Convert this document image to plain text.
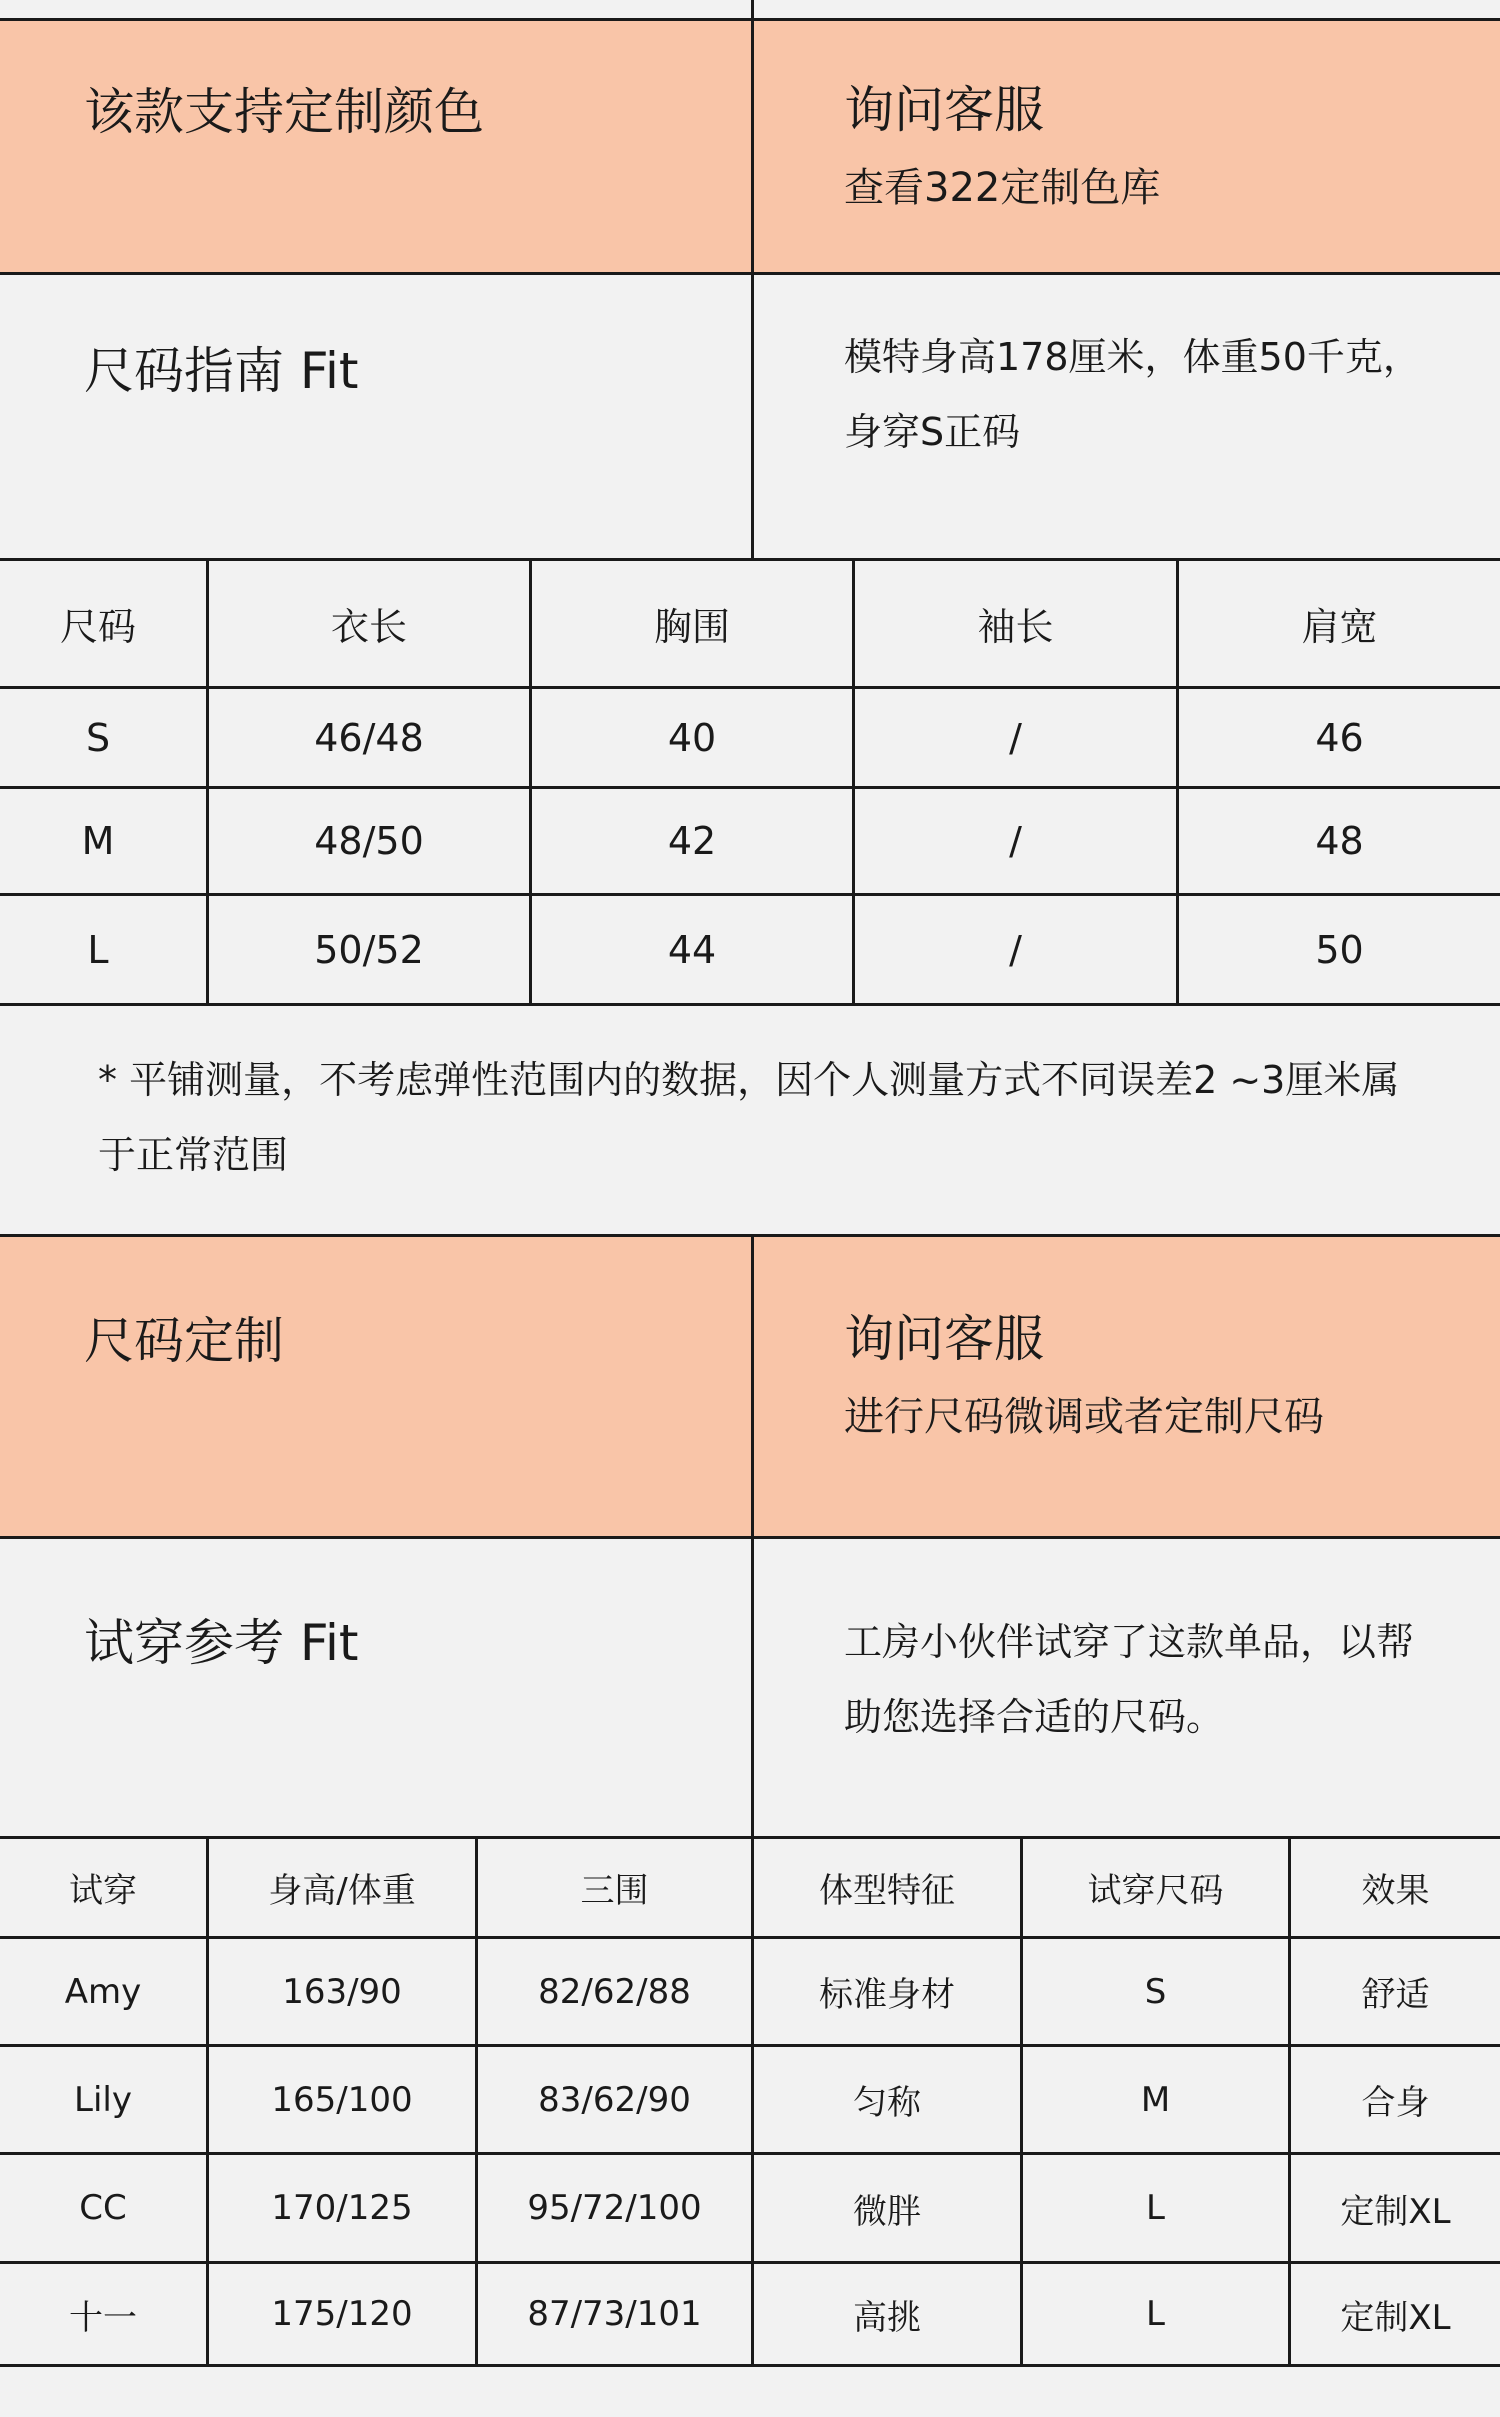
该款支持定制颜色	询问客服
查看322定制色库
尺码指南 Fit	模特身高178厘米，体重50千克，身穿S正码
尺码	衣长	胸围	袖长	肩宽
S	46/48	40	/	46
M	48/50	42	/	48
L	50/52	44	/	50
* 平铺测量，不考虑弹性范围内的数据，因个人测量方式不同误差2 ~3厘米属于正常范围
尺码定制	询问客服
进行尺码微调或者定制尺码
试穿参考 Fit	工房小伙伴试穿了这款单品，以帮助您选择合适的尺码。
试穿	身高/体重	三围	体型特征	试穿尺码	效果
Amy	163/90	82/62/88	标准身材	S	舒适
Lily	165/100	83/62/90	匀称	M	合身
CC	170/125	95/72/100	微胖	L	定制XL
十一	175/120	87/73/101	高挑	L	定制XL
